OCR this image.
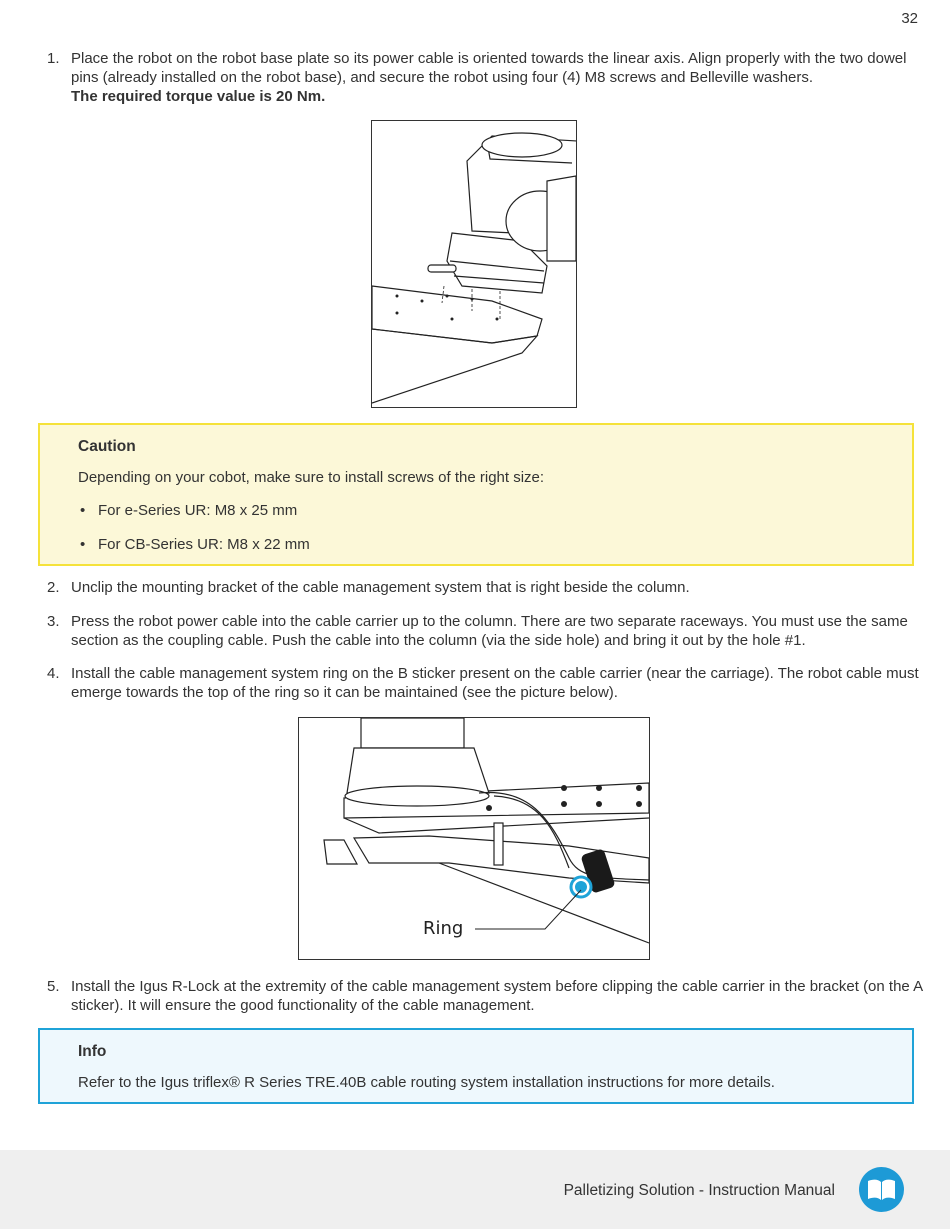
32
1. Place the robot on the robot base plate so its power cable is oriented towards the linear axis. Align properly with the two dowel pins (already installed on the robot base), and secure the robot using four (4) M8 screws and Belleville washers.
The required torque value is 20 Nm.
Caution
Depending on your cobot, make sure to install screws of the right size:
• For e-Series UR: M8 x 25 mm
• For CB-Series UR: M8 x 22 mm
2. Unclip the mounting bracket of the cable management system that is right beside the column.
3. Press the robot power cable into the cable carrier up to the column. There are two separate raceways. You must use the same section as the coupling cable. Push the cable into the column (via the side hole) and bring it out by the hole #1.
4. Install the cable management system ring on the B sticker present on the cable carrier (near the carriage). The robot cable must emerge towards the top of the ring so it can be maintained (see the picture below).
Ring
5. Install the Igus R-Lock at the extremity of the cable management system before clipping the cable carrier in the bracket (on the A sticker). It will ensure the good functionality of the cable management.
Info
Refer to the Igus triflex® R Series TRE.40B cable routing system installation instructions for more details.
Palletizing Solution - Instruction Manual
